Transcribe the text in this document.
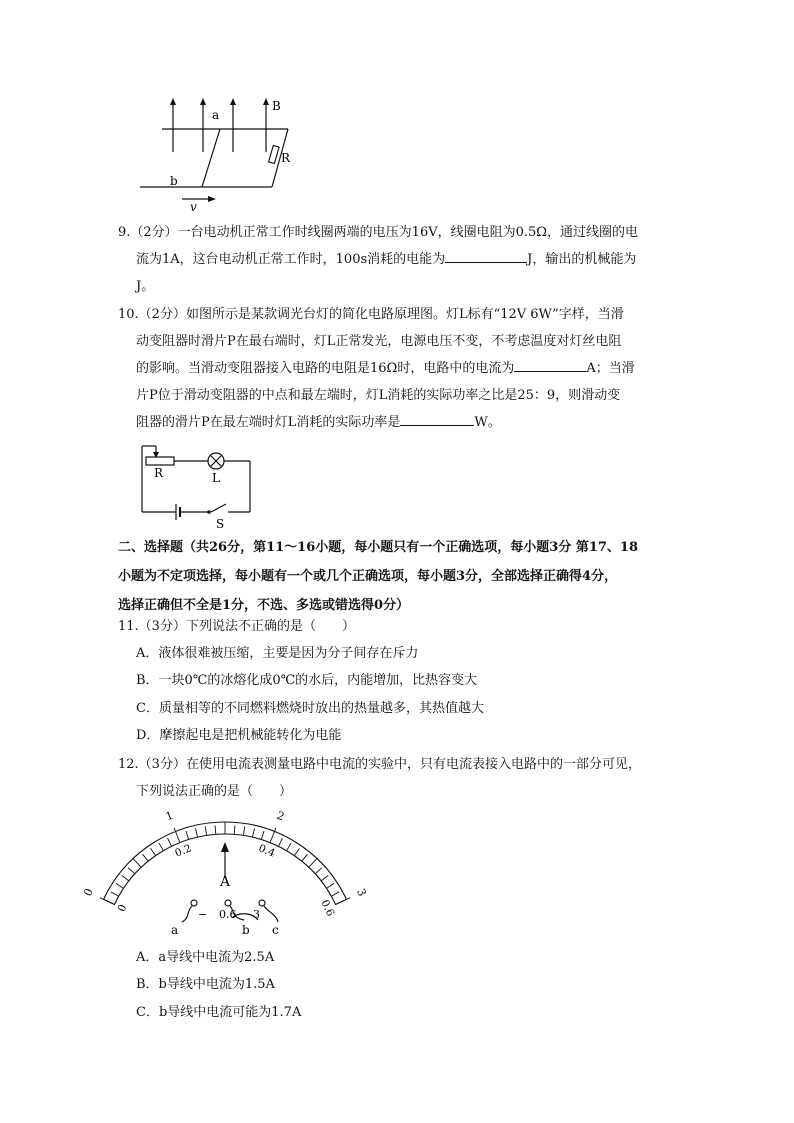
B
a
b
R
v

9.（2分）一台电动机正常工作时线圈两端的电压为16V，线圈电阻为0.5Ω，通过线圈的电

流为1A，这台电动机正常工作时，100s消耗的电能为	J，输出的机械能为

J。

10.（2分）如图所示是某款调光台灯的简化电路原理图。灯L标有“12V 6W”字样，当滑

动变阻器时滑片P在最右端时，灯L正常发光，电源电压不变，不考虑温度对灯丝电阻

的影响。当滑动变阻器接入电路的电阻是16Ω时，电路中的电流为	A；当滑

片P位于滑动变阻器的中点和最左端时，灯L消耗的实际功率之比是25：9，则滑动变

阻器的滑片P在最左端时灯L消耗的实际功率是	W。

R	L
S
二、选择题（共26分，第11～16小题，每小题只有一个正确选项，每小题3分 第17、18
小题为不定项选择，每小题有一个或几个正确选项，每小题3分，全部选择正确得4分，
选择正确但不全是1分，不选、多选或错选得0分）

11.（3分）下列说法不正确的是（　　）

A．液体很难被压缩，主要是因为分子间存在斥力
B．一块0℃的冰熔化成0℃的水后，内能增加，比热容变大
C．质量相等的不同燃料燃烧时放出的热量越多，其热值越大
D．摩擦起电是把机械能转化为电能

12.（3分）在使用电流表测量电路中电流的实验中，只有电流表接入电路中的一部分可见，

下列说法正确的是（　　）

0
1	2
3
0
0.2	0.4
0.6
A
− 0.6 3
a	b c
A．a导线中电流为2.5A
B．b导线中电流为1.5A
C．b导线中电流可能为1.7A
